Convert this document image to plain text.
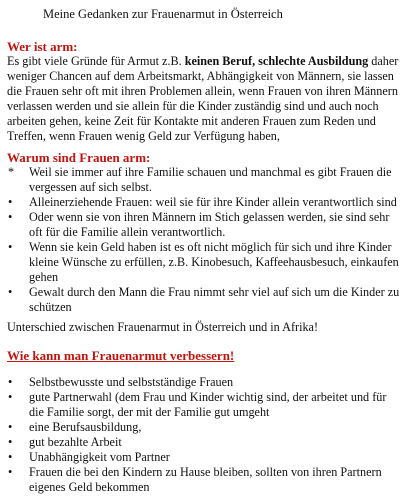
Meine Gedanken zur Frauenarmut in Österreich
Wer ist arm:
Es gibt viele Gründe für Armut z.B. keinen Beruf, schlechte Ausbildung daher weniger Chancen auf dem Arbeitsmarkt, Abhängigkeit von Männern, sie lassen die Frauen sehr oft mit ihren Problemen allein, wenn Frauen von ihren Männern verlassen werden und sie allein für die Kinder zuständig sind und auch noch arbeiten gehen, keine Zeit für Kontakte mit anderen Frauen zum Reden und Treffen, wenn Frauen wenig Geld zur Verfügung haben,
Warum sind Frauen arm:
*	Weil sie immer auf ihre Familie schauen und manchmal es gibt Frauen die vergessen auf sich selbst.
•	Alleinerziehende Frauen: weil sie für ihre Kinder allein verantwortlich sind
•	Oder wenn sie von ihren Männern im Stich gelassen werden, sie sind sehr oft für die Familie allein verantwortlich.
•	Wenn sie kein Geld haben ist es oft nicht möglich für sich und ihre Kinder kleine Wünsche zu erfüllen, z.B. Kinobesuch, Kaffeehausbesuch, einkaufen gehen
•	Gewalt durch den Mann die Frau nimmt sehr viel auf sich um die Kinder zu schützen
Unterschied zwischen Frauenarmut in Österreich und in Afrika!
Wie kann man Frauenarmut verbessern!
•	Selbstbewusste und selbstständige Frauen
•	gute Partnerwahl (dem Frau und Kinder wichtig sind, der arbeitet und für die Familie sorgt, der mit der Familie gut umgeht
•	eine Berufsausbildung,
•	gut bezahlte Arbeit
•	Unabhängigkeit vom Partner
•	Frauen die bei den Kindern zu Hause bleiben, sollten von ihren Partnern eigenes Geld bekommen
